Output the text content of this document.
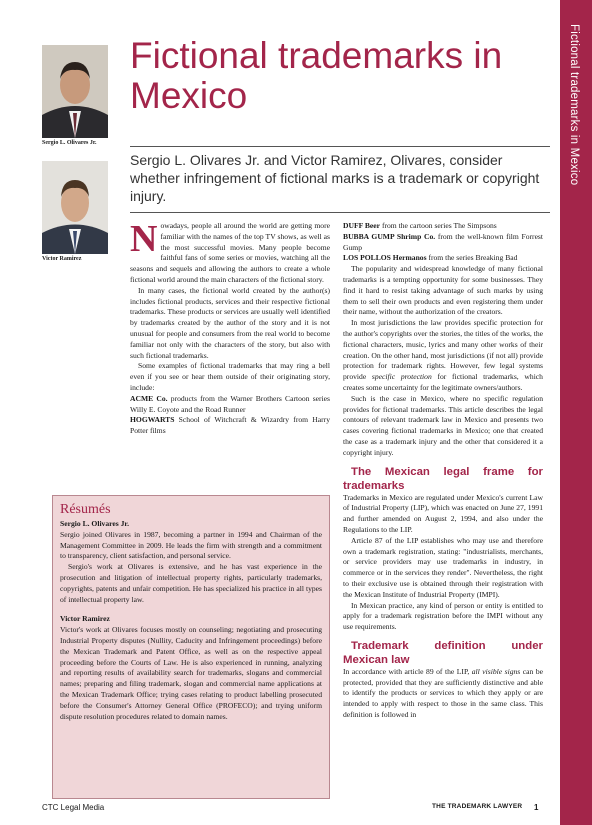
Fictional trademarks in Mexico
Sergio L. Olivares Jr.
Victor Ramirez
Fictional trademarks in Mexico
Sergio L. Olivares Jr. and Victor Ramirez, Olivares, consider whether infringement of fictional marks is a trademark or copyright injury.

Nowadays, people all around the world are getting more familiar with the names of the top TV shows, as well as the most successful movies. Many people become faithful fans of some series or movies, watching all the seasons and sequels and allowing the authors to create a whole fictional world around the main characters of the fictional story.

In many cases, the fictional world created by the author(s) includes fictional products, services and their respective fictional trademarks. These products or services are usually well identified by trademarks created by the author of the story and it is not unusual for people and consumers from the real world to become familiar not only with the characters of the story, but also with such fictional trademarks.

Some examples of fictional trademarks that may ring a bell even if you see or hear them outside of their originating story, include:

ACME Co. products from the Warner Brothers Cartoon series Willy E. Coyote and the Road Runner

HOGWARTS School of Witchcraft & Wizardry from Harry Potter films

DUFF Beer from the cartoon series The Simpsons

BUBBA GUMP Shrimp Co. from the well-known film Forrest Gump

LOS POLLOS Hermanos from the series Breaking Bad

The popularity and widespread knowledge of many fictional trademarks is a tempting opportunity for some businesses. They find it hard to resist taking advantage of such marks by using them to sell their own products and even registering them under their name, without the authorization of the creators.

In most jurisdictions the law provides specific protection for the author's copyrights over the stories, the titles of the works, the fictional characters, music, lyrics and many other works of their creation. On the other hand, most jurisdictions (if not all) provide protection for trademark rights. However, few legal systems provide specific protection for fictional trademarks, which creates some uncertainty for the legitimate owners/authors.

Such is the case in Mexico, where no specific regulation provides for fictional trademarks. This article describes the legal contours of relevant trademark law in Mexico and presents two cases covering fictional trademarks in Mexico; one that created the case as a trademark injury and the other that considered it a copyright injury.

The Mexican legal frame for trademarks

Trademarks in Mexico are regulated under Mexico's current Law of Industrial Property (LIP), which was enacted on June 27, 1991 and further amended on August 2, 1994, and also under the Regulations to the LIP.

Article 87 of the LIP establishes who may use and therefore own a trademark registration, stating: "industrialists, merchants, or service providers may use trademarks in industry, in commerce or in the services they render". Nevertheless, the right to their exclusive use is obtained through their registration with the Mexican Institute of Industrial Property (IMPI).

In Mexican practice, any kind of person or entity is entitled to apply for a trademark registration before the IMPI without any use requirements.

Trademark definition under Mexican law

In accordance with article 89 of the LIP, all visible signs can be protected, provided that they are sufficiently distinctive and able to identify the products or services to which they apply or are intended to apply with respect to those in the same class. This definition is followed in

Résumés

Sergio L. Olivares Jr.

Sergio joined Olivares in 1987, becoming a partner in 1994 and Chairman of the Management Committee in 2009. He leads the firm with strength and a commitment to transparency, client satisfaction, and personal service.

Sergio's work at Olivares is extensive, and he has vast experience in the prosecution and litigation of intellectual property rights, particularly trademarks, copyrights, patents and unfair competition. He has specialized his practice in all types of intellectual property law.

Victor Ramirez

Victor's work at Olivares focuses mostly on counseling; negotiating and prosecuting Industrial Property disputes (Nullity, Caducity and Infringement proceedings) before the Mexican Trademark and Patent Office, as well as on the respective appeal proceeding before the Courts of Law. He is also experienced in running, analyzing and reporting results of availability search for trademarks, slogans and commercial names; preparing and filing trademark, slogan and commercial name applications at the Mexican Trademark Office; trying cases relating to product labelling prosecuted before the Consumer's Attorney General Office (PROFECO); and trying uniform dispute resolution procedures related to domain names.

CTC Legal Media	THE TRADEMARK LAWYER 1
